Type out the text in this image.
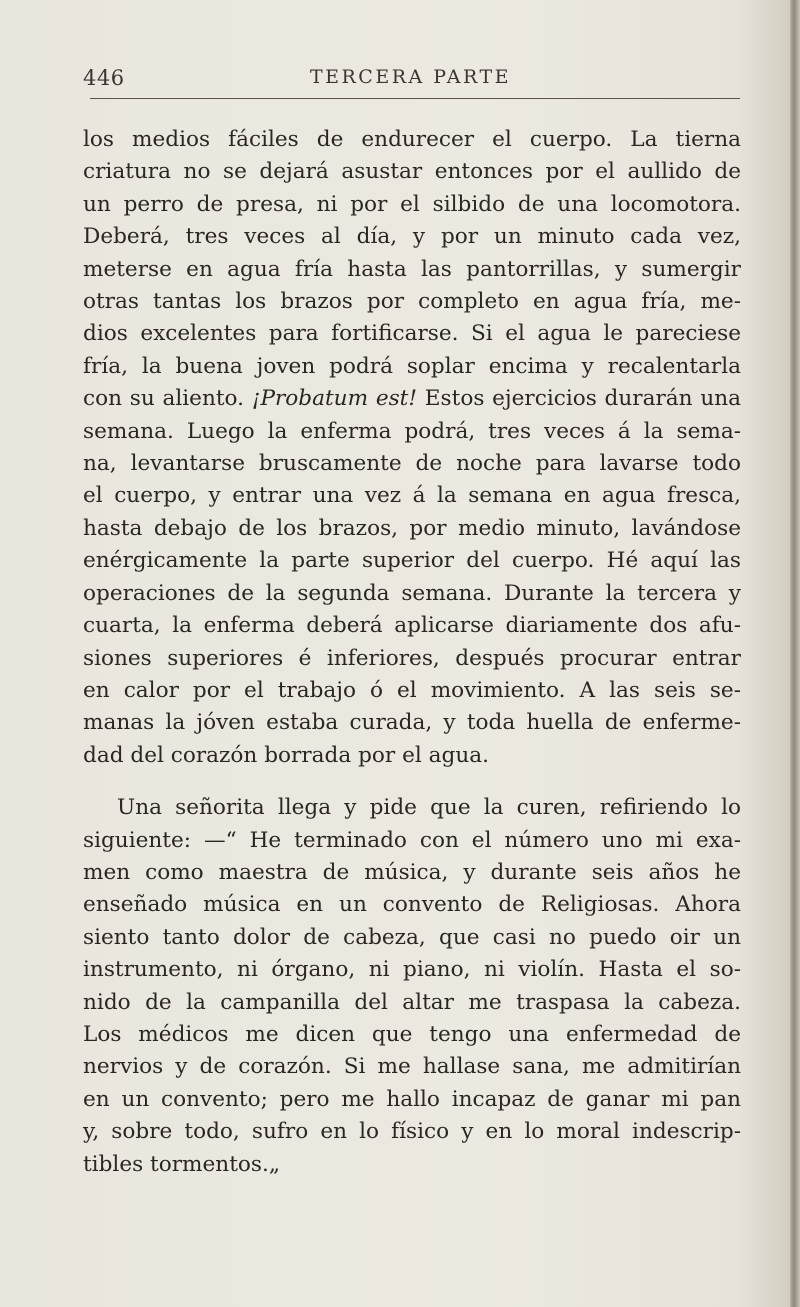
446	TERCERA PARTE

los medios fáciles de endurecer el cuerpo. La tierna
criatura no se dejará asustar entonces por el aullido de
un perro de presa, ni por el silbido de una locomotora.
Deberá, tres veces al día, y por un minuto cada vez,
meterse en agua fría hasta las pantorrillas, y sumergir
otras tantas los brazos por completo en agua fría, me-
dios excelentes para fortificarse. Si el agua le pareciese
fría, la buena joven podrá soplar encima y recalentarla
con su aliento. ¡Probatum est! Estos ejercicios durarán una
semana. Luego la enferma podrá, tres veces á la sema-
na, levantarse bruscamente de noche para lavarse todo
el cuerpo, y entrar una vez á la semana en agua fresca,
hasta debajo de los brazos, por medio minuto, lavándose
enérgicamente la parte superior del cuerpo. Hé aquí las
operaciones de la segunda semana. Durante la tercera y
cuarta, la enferma deberá aplicarse diariamente dos afu-
siones superiores é inferiores, después procurar entrar
en calor por el trabajo ó el movimiento. A las seis se-
manas la jóven estaba curada, y toda huella de enferme-
dad del corazón borrada por el agua.

Una señorita llega y pide que la curen, refiriendo lo
siguiente: —“ He terminado con el número uno mi exa-
men como maestra de música, y durante seis años he
enseñado música en un convento de Religiosas. Ahora
siento tanto dolor de cabeza, que casi no puedo oir un
instrumento, ni órgano, ni piano, ni violín. Hasta el so-
nido de la campanilla del altar me traspasa la cabeza.
Los médicos me dicen que tengo una enfermedad de
nervios y de corazón. Si me hallase sana, me admitirían
en un convento; pero me hallo incapaz de ganar mi pan
y, sobre todo, sufro en lo físico y en lo moral indescrip-
tibles tormentos.„
